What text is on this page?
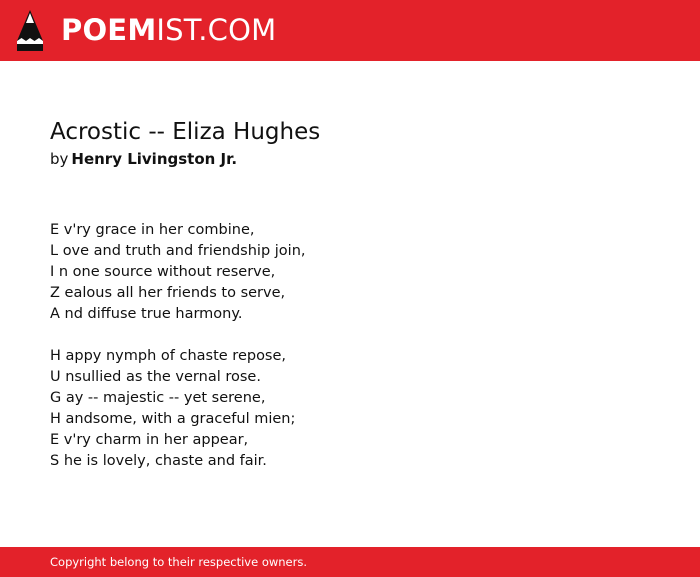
POEMIST.COM
Acrostic -- Eliza Hughes
by Henry Livingston Jr.
E v'ry grace in her combine,
L ove and truth and friendship join,
I n one source without reserve,
Z ealous all her friends to serve,
A nd diffuse true harmony.
H appy nymph of chaste repose,
U nsullied as the vernal rose.
G ay -- majestic -- yet serene,
H andsome, with a graceful mien;
E v'ry charm in her appear,
S he is lovely, chaste and fair.
Copyright belong to their respective owners.
